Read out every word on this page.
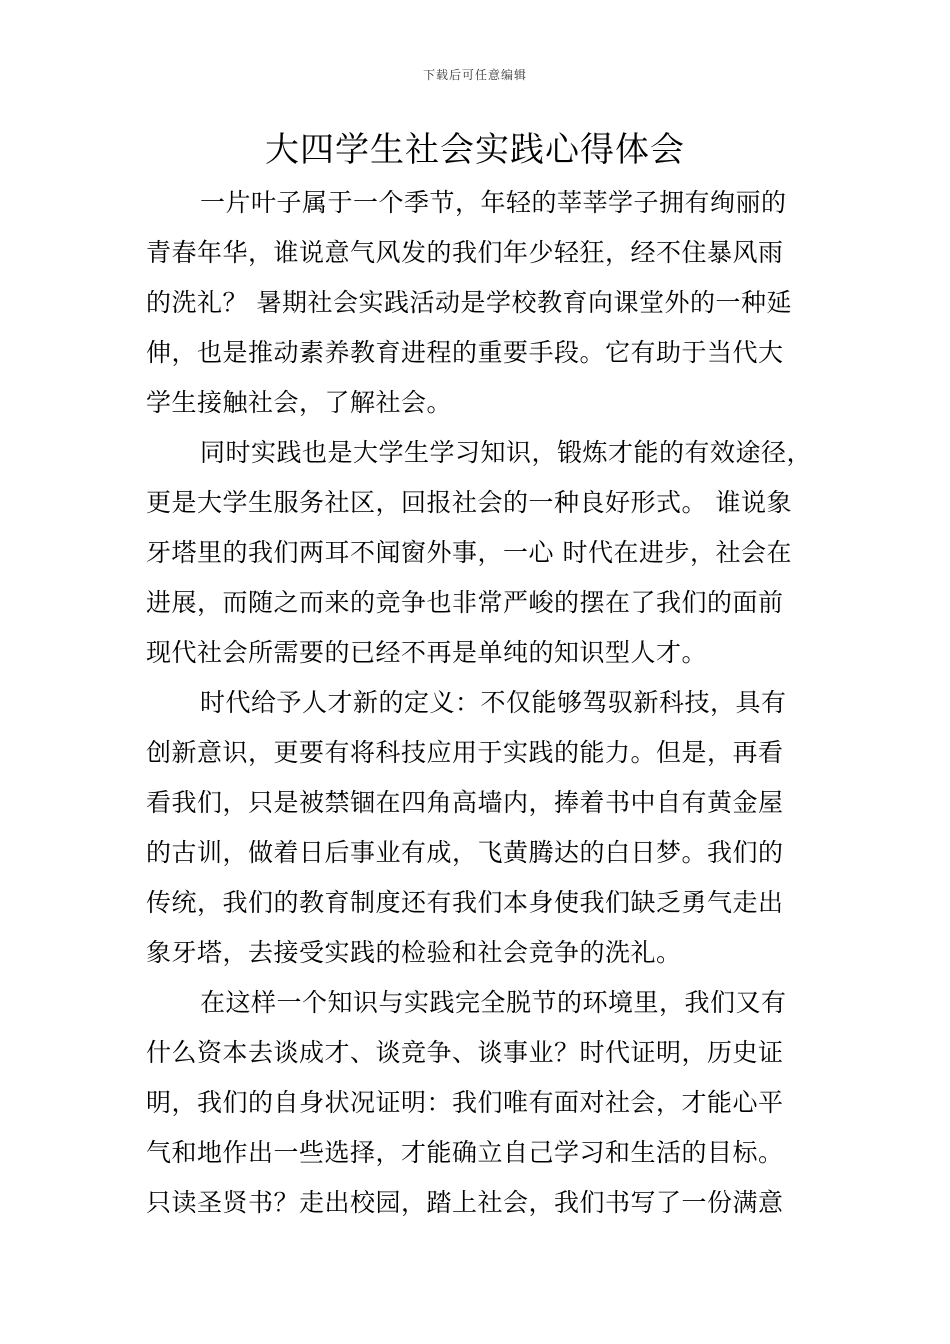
下载后可任意编辑
大四学生社会实践心得体会
一片叶子属于一个季节，年轻的莘莘学子拥有绚丽的
青春年华，谁说意气风发的我们年少轻狂，经不住暴风雨
的洗礼？ 暑期社会实践活动是学校教育向课堂外的一种延
伸，也是推动素养教育进程的重要手段。它有助于当代大
学生接触社会，了解社会。
同时实践也是大学生学习知识，锻炼才能的有效途径，
更是大学生服务社区，回报社会的一种良好形式。 谁说象
牙塔里的我们两耳不闻窗外事，一心 时代在进步，社会在
进展，而随之而来的竞争也非常严峻的摆在了我们的面前
现代社会所需要的已经不再是单纯的知识型人才。
时代给予人才新的定义：不仅能够驾驭新科技，具有
创新意识，更要有将科技应用于实践的能力。但是，再看
看我们，只是被禁锢在四角高墙内，捧着书中自有黄金屋
的古训，做着日后事业有成，飞黄腾达的白日梦。我们的
传统，我们的教育制度还有我们本身使我们缺乏勇气走出
象牙塔，去接受实践的检验和社会竞争的洗礼。
在这样一个知识与实践完全脱节的环境里，我们又有
什么资本去谈成才、谈竞争、谈事业？时代证明，历史证
明，我们的自身状况证明：我们唯有面对社会，才能心平
气和地作出一些选择，才能确立自己学习和生活的目标。
只读圣贤书？走出校园，踏上社会，我们书写了一份满意
